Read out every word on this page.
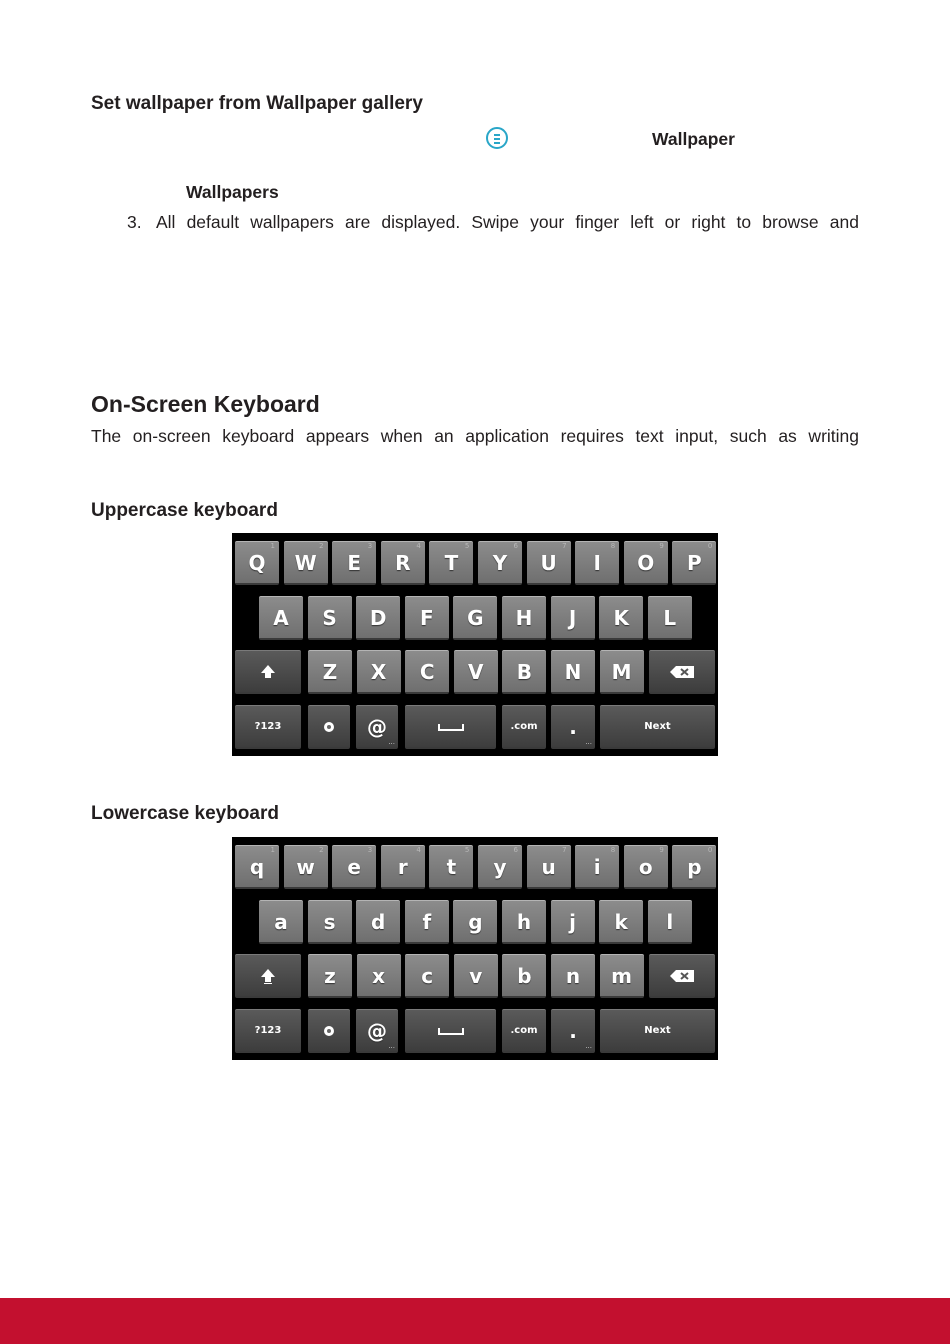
Set wallpaper from Wallpaper gallery
Wallpaper
Wallpapers
3. All default wallpapers are displayed. Swipe your finger left or right to browse and
On-Screen Keyboard
The on-screen keyboard appears when an application requires text input, such as writing
Uppercase keyboard
Q
1
W
2
E
3
R
4
T
5
Y
6
U
7
I
8
O
9
P
0
A S D F G H J K L
Z X C V B N M
?123	@
...
.com .
...
Next
Lowercase keyboard
q
1
w
2
e
3
r
4
t
5
y
6
u
7
i
8
o
9
p
0
a s d f g h j k l
z x c v b n m
?123	@
...
.com .
...
Next
